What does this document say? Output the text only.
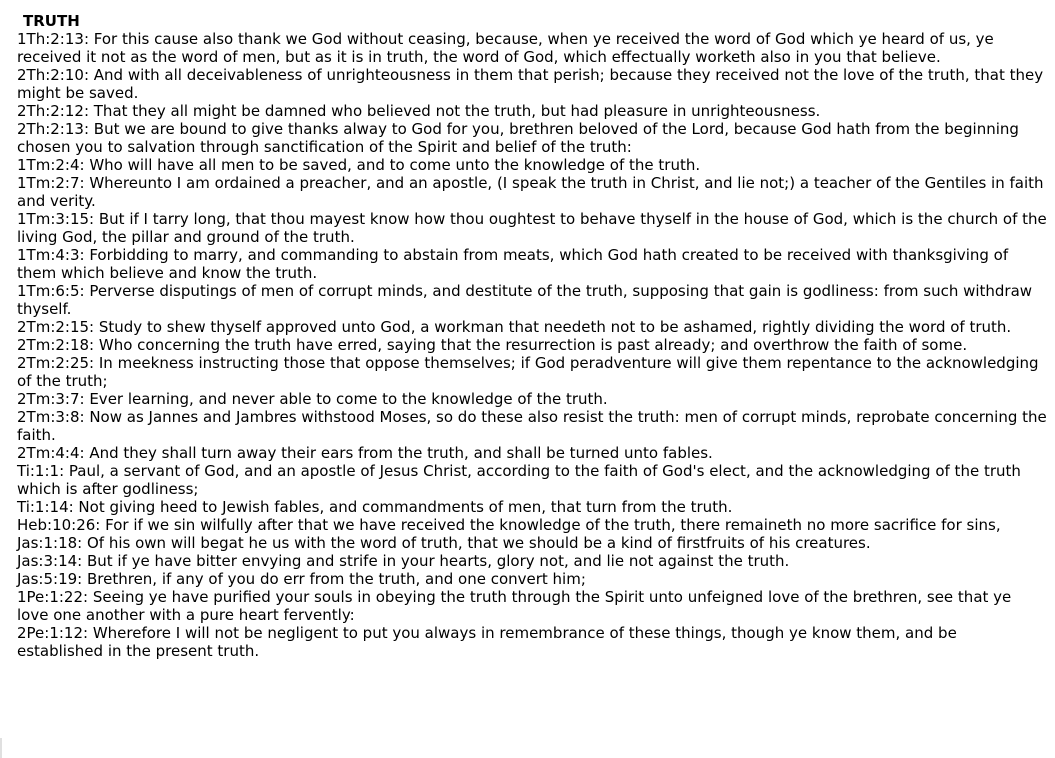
TRUTH
1Th:2:13: For this cause also thank we God without ceasing, because, when ye received the word of God which ye heard of us, ye received it not as the word of men, but as it is in truth, the word of God, which effectually worketh also in you that believe.
2Th:2:10: And with all deceivableness of unrighteousness in them that perish; because they received not the love of the truth, that they might be saved.
2Th:2:12: That they all might be damned who believed not the truth, but had pleasure in unrighteousness.
2Th:2:13: But we are bound to give thanks alway to God for you, brethren beloved of the Lord, because God hath from the beginning chosen you to salvation through sanctification of the Spirit and belief of the truth:
1Tm:2:4: Who will have all men to be saved, and to come unto the knowledge of the truth.
1Tm:2:7: Whereunto I am ordained a preacher, and an apostle, (I speak the truth in Christ, and lie not;) a teacher of the Gentiles in faith and verity.
1Tm:3:15: But if I tarry long, that thou mayest know how thou oughtest to behave thyself in the house of God, which is the church of the living God, the pillar and ground of the truth.
1Tm:4:3: Forbidding to marry, and commanding to abstain from meats, which God hath created to be received with thanksgiving of them which believe and know the truth.
1Tm:6:5: Perverse disputings of men of corrupt minds, and destitute of the truth, supposing that gain is godliness: from such withdraw thyself.
2Tm:2:15: Study to shew thyself approved unto God, a workman that needeth not to be ashamed, rightly dividing the word of truth.
2Tm:2:18: Who concerning the truth have erred, saying that the resurrection is past already; and overthrow the faith of some.
2Tm:2:25: In meekness instructing those that oppose themselves; if God peradventure will give them repentance to the acknowledging of the truth;
2Tm:3:7: Ever learning, and never able to come to the knowledge of the truth.
2Tm:3:8: Now as Jannes and Jambres withstood Moses, so do these also resist the truth: men of corrupt minds, reprobate concerning the faith.
2Tm:4:4: And they shall turn away their ears from the truth, and shall be turned unto fables.
Ti:1:1: Paul, a servant of God, and an apostle of Jesus Christ, according to the faith of God's elect, and the acknowledging of the truth which is after godliness;
Ti:1:14: Not giving heed to Jewish fables, and commandments of men, that turn from the truth.
Heb:10:26: For if we sin wilfully after that we have received the knowledge of the truth, there remaineth no more sacrifice for sins,
Jas:1:18: Of his own will begat he us with the word of truth, that we should be a kind of firstfruits of his creatures.
Jas:3:14: But if ye have bitter envying and strife in your hearts, glory not, and lie not against the truth.
Jas:5:19: Brethren, if any of you do err from the truth, and one convert him;
1Pe:1:22: Seeing ye have purified your souls in obeying the truth through the Spirit unto unfeigned love of the brethren, see that ye love one another with a pure heart fervently:
2Pe:1:12: Wherefore I will not be negligent to put you always in remembrance of these things, though ye know them, and be established in the present truth.
